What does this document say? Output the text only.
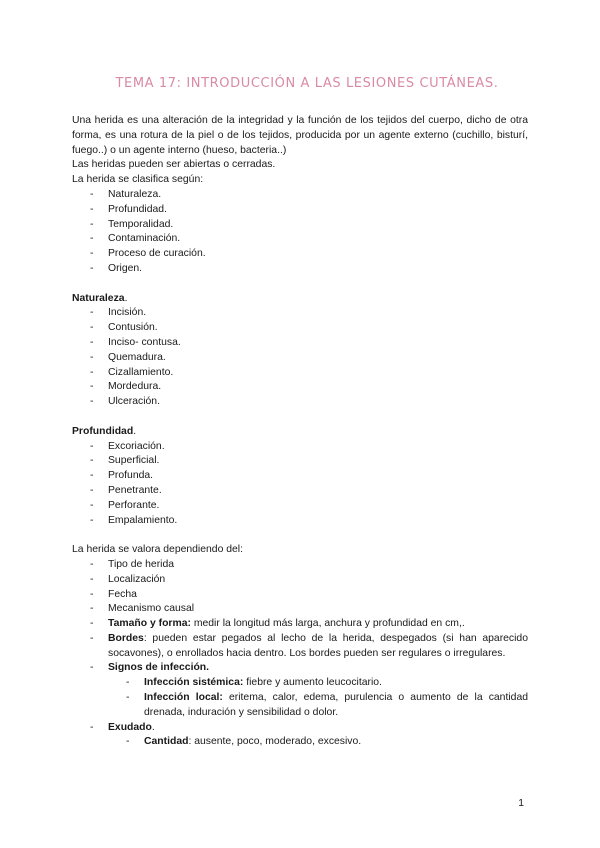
TEMA 17: INTRODUCCIÓN A LAS LESIONES CUTÁNEAS.

Una herida es una alteración de la integridad y la función de los tejidos del cuerpo, dicho de otra forma, es una rotura de la piel o de los tejidos, producida por un agente externo (cuchillo, bisturí, fuego..) o un agente interno (hueso, bacteria..)

Las heridas pueden ser abiertas o cerradas.

La herida se clasifica según:

- Naturaleza.
- Profundidad.
- Temporalidad.
- Contaminación.
- Proceso de curación.
- Origen.

Naturaleza.

- Incisión.
- Contusión.
- Inciso- contusa.
- Quemadura.
- Cizallamiento.
- Mordedura.
- Ulceración.

Profundidad.

- Excoriación.
- Superficial.
- Profunda.
- Penetrante.
- Perforante.
- Empalamiento.

La herida se valora dependiendo del:

- Tipo de herida
- Localización
- Fecha
- Mecanismo causal
- Tamaño y forma: medir la longitud más larga, anchura y profundidad en cm,.
- Bordes: pueden estar pegados al lecho de la herida, despegados (si han aparecido socavones), o enrollados hacia dentro. Los bordes pueden ser regulares o irregulares.
- Signos de infección.
- Infección sistémica: fiebre y aumento leucocitario.
- Infección local: eritema, calor, edema, purulencia o aumento de la cantidad drenada, induración y sensibilidad o dolor.
- Exudado.
- Cantidad: ausente, poco, moderado, excesivo.
1
